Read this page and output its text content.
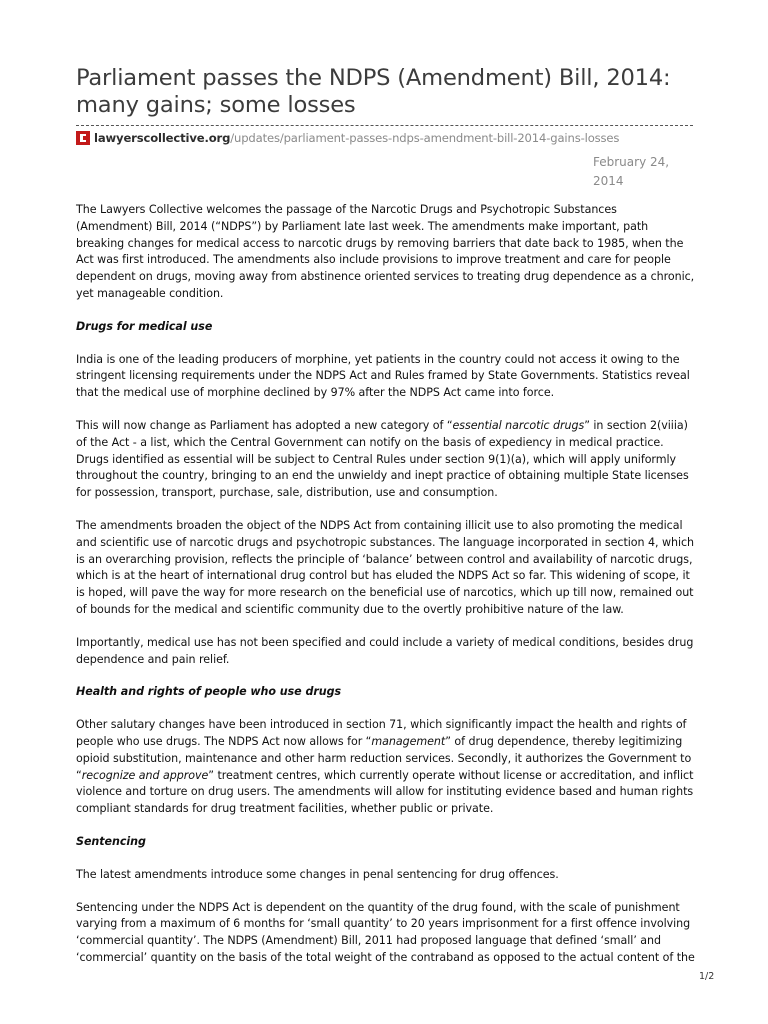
Parliament passes the NDPS (Amendment) Bill, 2014: many gains; some losses
lawyerscollective.org /updates/parliament-passes-ndps-amendment-bill-2014-gains-losses
February 24, 2014

The Lawyers Collective welcomes the passage of the Narcotic Drugs and Psychotropic Substances (Amendment) Bill, 2014 (“NDPS”) by Parliament late last week. The amendments make important, path breaking changes for medical access to narcotic drugs by removing barriers that date back to 1985, when the Act was first introduced. The amendments also include provisions to improve treatment and care for people dependent on drugs, moving away from abstinence oriented services to treating drug dependence as a chronic, yet manageable condition.

Drugs for medical use

India is one of the leading producers of morphine, yet patients in the country could not access it owing to the stringent licensing requirements under the NDPS Act and Rules framed by State Governments. Statistics reveal that the medical use of morphine declined by 97% after the NDPS Act came into force.

This will now change as Parliament has adopted a new category of “essential narcotic drugs” in section 2(viiia) of the Act - a list, which the Central Government can notify on the basis of expediency in medical practice. Drugs identified as essential will be subject to Central Rules under section 9(1)(a), which will apply uniformly throughout the country, bringing to an end the unwieldy and inept practice of obtaining multiple State licenses for possession, transport, purchase, sale, distribution, use and consumption.

The amendments broaden the object of the NDPS Act from containing illicit use to also promoting the medical and scientific use of narcotic drugs and psychotropic substances. The language incorporated in section 4, which is an overarching provision, reflects the principle of ‘balance’ between control and availability of narcotic drugs, which is at the heart of international drug control but has eluded the NDPS Act so far. This widening of scope, it is hoped, will pave the way for more research on the beneficial use of narcotics, which up till now, remained out of bounds for the medical and scientific community due to the overtly prohibitive nature of the law.

Importantly, medical use has not been specified and could include a variety of medical conditions, besides drug dependence and pain relief.

Health and rights of people who use drugs

Other salutary changes have been introduced in section 71, which significantly impact the health and rights of people who use drugs. The NDPS Act now allows for “management” of drug dependence, thereby legitimizing opioid substitution, maintenance and other harm reduction services. Secondly, it authorizes the Government to “recognize and approve” treatment centres, which currently operate without license or accreditation, and inflict violence and torture on drug users. The amendments will allow for instituting evidence based and human rights compliant standards for drug treatment facilities, whether public or private.

Sentencing

The latest amendments introduce some changes in penal sentencing for drug offences.

Sentencing under the NDPS Act is dependent on the quantity of the drug found, with the scale of punishment varying from a maximum of 6 months for ‘small quantity’ to 20 years imprisonment for a first offence involving ‘commercial quantity’. The NDPS (Amendment) Bill, 2011 had proposed language that defined ‘small’ and ‘commercial’ quantity on the basis of the total weight of the contraband as opposed to the actual content of the

1/2
